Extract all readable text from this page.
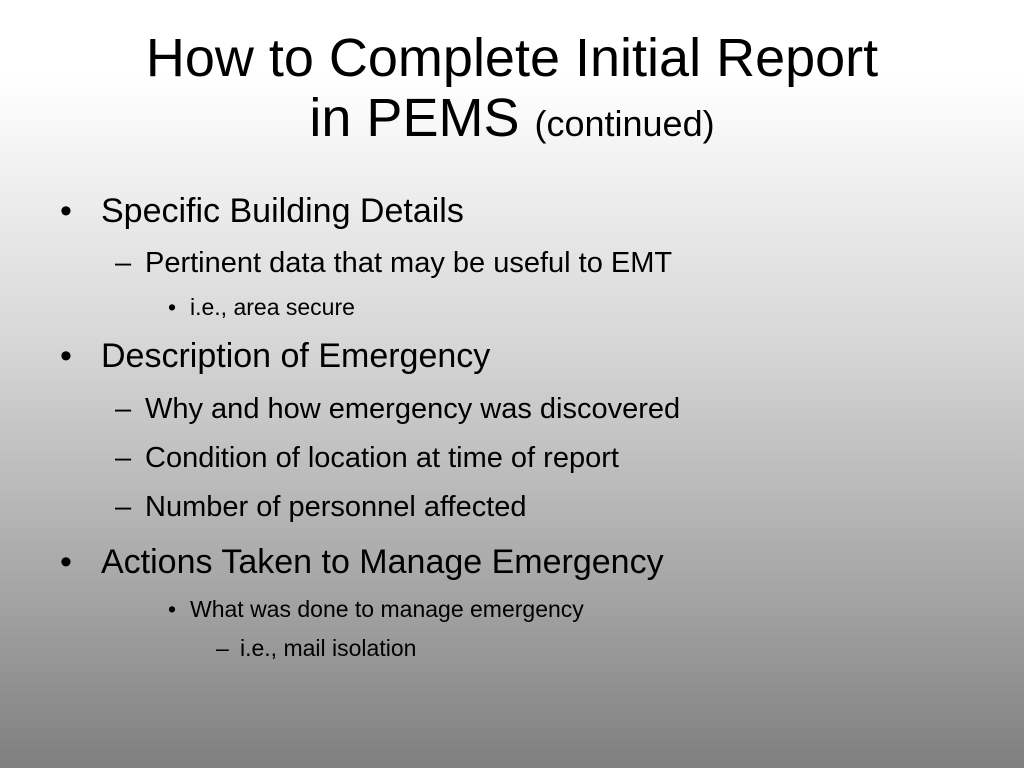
How to Complete Initial Report
in PEMS (continued)
• Specific Building Details
– Pertinent data that may be useful to EMT
• i.e., area secure
• Description of Emergency
– Why and how emergency was discovered
– Condition of location at time of report
– Number of personnel affected
• Actions Taken to Manage Emergency
• What was done to manage emergency
– i.e., mail isolation
